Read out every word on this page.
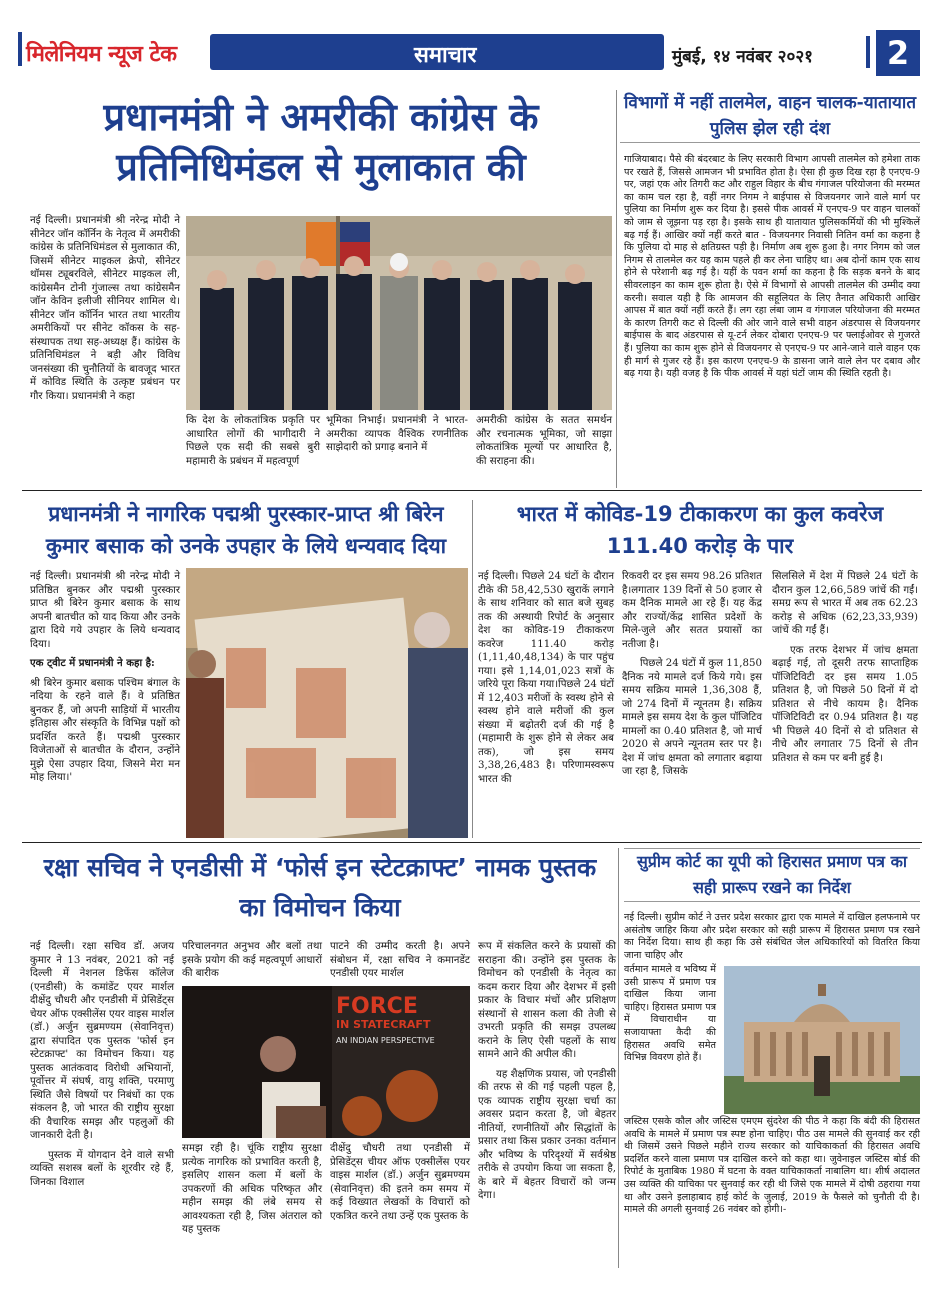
मिलेनियम न्यूज टेक	समाचार	मुंबई, १४ नवंबर २०२१	2
प्रधानमंत्री ने अमरीकी कांग्रेस के प्रतिनिधिमंडल से मुलाकात की
नई दिल्ली। प्रधानमंत्री श्री नरेन्द्र मोदी ने सीनेटर जॉन कॉर्निन के नेतृत्व में अमरीकी कांग्रेस के प्रतिनिधिमंडल से मुलाकात की, जिसमें सीनेटर माइकल क्रेपो, सीनेटर थॉमस ट्यूबरविले, सीनेटर माइकल ली, कांग्रेसमैन टोनी गुंजाल्स तथा कांग्रेसमैन जॉन केविन इलीजी सीनियर शामिल थे। सीनेटर जॉन कॉर्निन भारत तथा भारतीय अमरीकियों पर सीनेट कॉकस के सह-संस्थापक तथा सह-अध्यक्ष हैं। कांग्रेस के प्रतिनिधिमंडल ने बड़ी और विविध जनसंख्या की चुनौतियों के बावजूद भारत में कोविड स्थिति के उत्कृष्ट प्रबंधन पर गौर किया। प्रधानमंत्री ने कहा
कि देश के लोकतांत्रिक प्रकृति पर आधारित लोगों की भागीदारी ने पिछले एक सदी की सबसे बुरी महामारी के प्रबंधन में महत्वपूर्ण
भूमिका निभाई। प्रधानमंत्री ने भारत-अमरीका व्यापक वैश्विक रणनीतिक साझेदारी को प्रगाढ़ बनाने में
अमरीकी कांग्रेस के सतत समर्थन और रचनात्मक भूमिका, जो साझा लोकतांत्रिक मूल्यों पर आधारित है, की सराहना की।
विभागों में नहीं तालमेल, वाहन चालक-यातायात पुलिस झेल रही दंश
गाजियाबाद। पैसे की बंदरबाट के लिए सरकारी विभाग आपसी तालमेल को हमेशा ताक पर रखते हैं, जिससे आमजन भी प्रभावित होता है। ऐसा ही कुछ दिख रहा है एनएच-9 पर, जहां एक ओर तिगरी कट और राहुल विहार के बीच गंगाजल परियोजना की मरम्मत का काम चल रहा है, वहीं नगर निगम ने बाईपास से विजयनगर जाने वाले मार्ग पर पुलिया का निर्माण शुरू कर दिया है। इससे पीक आवर्स में एनएच-9 पर वाहन चालकों को जाम से जूझना पड़ रहा है। इसके साथ ही यातायात पुलिसकर्मियों की भी मुश्किलें बढ़ गई हैं। आखिर क्यों नहीं करते बात - विजयनगर निवासी नितिन वर्मा का कहना है कि पुलिया दो माह से क्षतिग्रस्त पड़ी है। निर्माण अब शुरू हुआ है। नगर निगम को जल निगम से तालमेल कर यह काम पहले ही कर लेना चाहिए था। अब दोनों काम एक साथ होने से परेशानी बढ़ गई है। यहीं के पवन शर्मा का कहना है कि सड़क बनने के बाद सीवरलाइन का काम शुरू होता है। ऐसे में विभागों से आपसी तालमेल की उम्मीद क्या करनी। सवाल यही है कि आमजन की सहूलियत के लिए तैनात अधिकारी आखिर आपस में बात क्यों नहीं करते हैं। लग रहा लंबा जाम व गंगाजल परियोजना की मरम्मत के कारण तिगरी कट से दिल्ली की ओर जाने वाले सभी वाहन अंडरपास से विजयनगर बाईपास के बाद अंडरपास से यू-टर्न लेकर दोबारा एनएच-9 पर फ्लाईओवर से गुजरते हैं। पुलिया का काम शुरू होने से विजयनगर से एनएच-9 पर आने-जाने वाले वाहन एक ही मार्ग से गुजर रहे हैं। इस कारण एनएच-9 के डासना जाने वाले लेन पर दबाव और बढ़ गया है। यही वजह है कि पीक आवर्स में यहां घंटों जाम की स्थिति रहती है।
प्रधानमंत्री ने नागरिक पद्मश्री पुरस्कार-प्राप्त श्री बिरेन कुमार बसाक को उनके उपहार के लिये धन्यवाद दिया

नई दिल्ली। प्रधानमंत्री श्री नरेन्द्र मोदी ने प्रतिष्ठित बुनकर और पद्मश्री पुरस्कार प्राप्त श्री बिरेन कुमार बसाक के साथ अपनी बातचीत को याद किया और उनके द्वारा दिये गये उपहार के लिये धन्यवाद दिया।

एक ट्वीट में प्रधानमंत्री ने कहा है:

श्री बिरेन कुमार बसाक पश्चिम बंगाल के नदिया के रहने वाले हैं। वे प्रतिष्ठित बुनकर हैं, जो अपनी साड़ियों में भारतीय इतिहास और संस्कृति के विभिन्न पक्षों को प्रदर्शित करते हैं। पद्मश्री पुरस्कार विजेताओं से बातचीत के दौरान, उन्होंने मुझे ऐसा उपहार दिया, जिसने मेरा मन मोह लिया।'

भारत में कोविड-19 टीकाकरण का कुल कवरेज 111.40 करोड़ के पार
नई दिल्ली। पिछले 24 घंटों के दौरान टीके की 58,42,530 खुराकें लगाने के साथ शनिवार को सात बजे सुबह तक की अस्थायी रिपोर्ट के अनुसार देश का कोविड-19 टीकाकरण कवरेज 111.40 करोड़ (1,11,40,48,134) के पार पहुंच गया। इसे 1,14,01,023 सत्रों के जरिये पूरा किया गया।पिछले 24 घंटों में 12,403 मरीजों के स्वस्थ होने से स्वस्थ होने वाले मरीजों की कुल संख्या में बढ़ोतरी दर्ज की गई है (महामारी के शुरू होने से लेकर अब तक), जो इस समय 3,38,26,483 है। परिणामस्वरूप भारत की

रिकवरी दर इस समय 98.26 प्रतिशत है।लगातार 139 दिनों से 50 हजार से कम दैनिक मामले आ रहे हैं। यह केंद्र और राज्यों/केंद्र शासित प्रदेशों के मिले-जुले और सतत प्रयासों का नतीजा है।

पिछले 24 घंटों में कुल 11,850 दैनिक नये मामले दर्ज किये गये। इस समय सक्रिय मामले 1,36,308 हैं, जो 274 दिनों में न्यूनतम है। सक्रिय मामले इस समय देश के कुल पॉजिटिव मामलों का 0.40 प्रतिशत है, जो मार्च 2020 से अपने न्यूनतम स्तर पर है। देश में जांच क्षमता को लगातार बढ़ाया जा रहा है, जिसके

सिलसिले में देश में पिछले 24 घंटों के दौरान कुल 12,66,589 जांचें की गईं। समग्र रूप से भारत में अब तक 62.23 करोड़ से अधिक (62,23,33,939) जांचें की गईं हैं।

एक तरफ देशभर में जांच क्षमता बढ़ाई गई, तो दूसरी तरफ साप्ताहिक पॉजिटिविटी दर इस समय 1.05 प्रतिशत है, जो पिछले 50 दिनों में दो प्रतिशत से नीचे कायम है। दैनिक पॉजिटिविटी दर 0.94 प्रतिशत है। यह भी पिछले 40 दिनों से दो प्रतिशत से नीचे और लगातार 75 दिनों से तीन प्रतिशत से कम पर बनी हुई है।

रक्षा सचिव ने एनडीसी में ‘फोर्स इन स्टेटक्राफ्ट’ नामक पुस्तक का विमोचन किया

नई दिल्ली। रक्षा सचिव डॉ. अजय कुमार ने 13 नवंबर, 2021 को नई दिल्ली में नेशनल डिफेंस कॉलेज (एनडीसी) के कमांडेंट एयर मार्शल दीक्षेंदु चौधरी और एनडीसी में प्रेसिडेंट्स चेयर ऑफ एक्सीलेंस एयर वाइस मार्शल (डॉ.) अर्जुन सुब्रमण्यम (सेवानिवृत्त) द्वारा संपादित एक पुस्तक 'फोर्स इन स्टेटक्राफ्ट' का विमोचन किया। यह पुस्तक आतंकवाद विरोधी अभियानों, पूर्वोत्तर में संघर्ष, वायु शक्ति, परमाणु स्थिति जैसे विषयों पर निबंधों का एक संकलन है, जो भारत की राष्ट्रीय सुरक्षा की वैचारिक समझ और पहलुओं की जानकारी देती है।

पुस्तक में योगदान देने वाले सभी व्यक्ति सशस्त्र बलों के शूरवीर रहे हैं, जिनका विशाल

परिचालनगत अनुभव और बलों तथा इसके प्रयोग की कई महत्वपूर्ण आधारों की बारीक
पाटने की उम्मीद करती है। अपने संबोधन में, रक्षा सचिव ने कमानडेंट एनडीसी एयर मार्शल
FORCE
IN STATECRAFT
AN INDIAN PERSPECTIVE
समझ रही है। चूंकि राष्ट्रीय सुरक्षा प्रत्येक नागरिक को प्रभावित करती है, इसलिए शासन कला में बलों के उपकरणों की अधिक परिष्कृत और महीन समझ की लंबे समय से आवश्यकता रही है, जिस अंतराल को यह पुस्तक
दीक्षेंदु चौधरी तथा एनडीसी में प्रेसिडेंट्स चीयर ऑफ एक्सीलेंस एयर वाइस मार्शल (डॉ.) अर्जुन सुब्रमण्यम (सेवानिवृत्त) की इतने कम समय में कई विख्यात लेखकों के विचारों को एकत्रित करने तथा उन्हें एक पुस्तक के

रूप में संकलित करने के प्रयासों की सराहना की। उन्होंने इस पुस्तक के विमोचन को एनडीसी के नेतृत्व का कदम करार दिया और देशभर में इसी प्रकार के विचार मंचों और प्रशिक्षण संस्थानों से शासन कला की तेजी से उभरती प्रकृति की समझ उपलब्ध कराने के लिए ऐसी पहलों के साथ सामने आने की अपील की।

यह शैक्षणिक प्रयास, जो एनडीसी की तरफ से की गई पहली पहल है, एक व्यापक राष्ट्रीय सुरक्षा चर्चा का अवसर प्रदान करता है, जो बेहतर नीतियों, रणनीतियों और सिद्धांतों के प्रसार तथा किस प्रकार उनका वर्तमान और भविष्य के परिदृश्यों में सर्वश्रेष्ठ तरीके से उपयोग किया जा सकता है, के बारे में बेहतर विचारों को जन्म देगा।

सुप्रीम कोर्ट का यूपी को हिरासत प्रमाण पत्र का सही प्रारूप रखने का निर्देश
नई दिल्ली। सुप्रीम कोर्ट ने उत्तर प्रदेश सरकार द्वारा एक मामले में दाखिल हलफनामे पर असंतोष जाहिर किया और प्रदेश सरकार को सही प्रारूप में हिरासत प्रमाण पत्र रखने का निर्देश दिया। साथ ही कहा कि उसे संबंधित जेल अधिकारियों को वितरित किया जाना चाहिए और
वर्तमान मामले व भविष्य में उसी प्रारूप में प्रमाण पत्र दाखिल किया जाना चाहिए। हिरासत प्रमाण पत्र में विचाराधीन या सजायाफ्ता कैदी की हिरासत अवधि समेत विभिन्न विवरण होते हैं।
जस्टिस एसके कौल और जस्टिस एमएम सुंदरेश की पीठ ने कहा कि बंदी की हिरासत अवधि के मामले में प्रमाण पत्र स्पष्ट होना चाहिए। पीठ उस मामले की सुनवाई कर रही थी जिसमें उसने पिछले महीने राज्य सरकार को याचिकाकर्ता की हिरासत अवधि प्रदर्शित करने वाला प्रमाण पत्र दाखिल करने को कहा था। जुवेनाइल जस्टिस बोर्ड की रिपोर्ट के मुताबिक 1980 में घटना के वक्त याचिकाकर्ता नाबालिग था। शीर्ष अदालत उस व्यक्ति की याचिका पर सुनवाई कर रही थी जिसे एक मामले में दोषी ठहराया गया था और उसने इलाहाबाद हाई कोर्ट के जुलाई, 2019 के फैसले को चुनौती दी है। मामले की अगली सुनवाई 26 नवंबर को होगी।-
